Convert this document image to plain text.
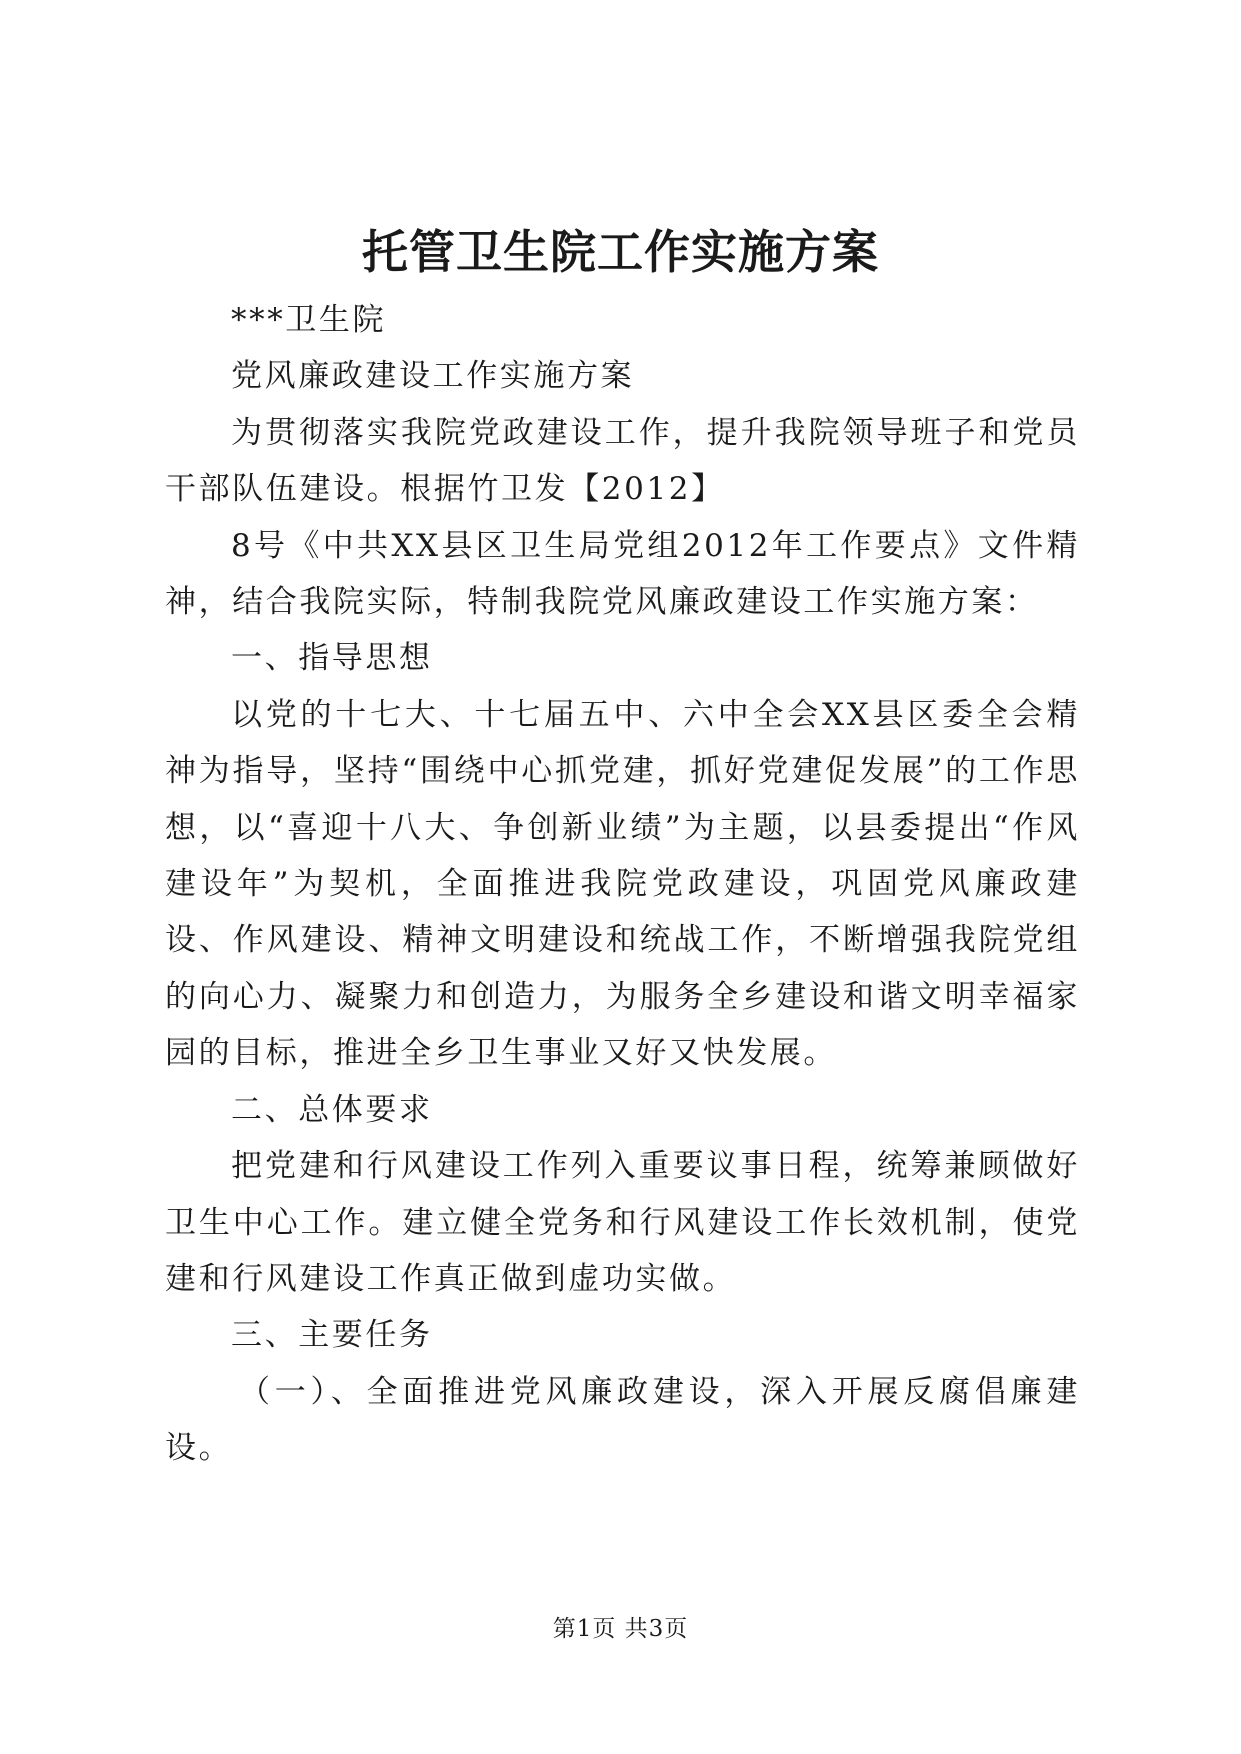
托管卫生院工作实施方案

***卫生院

党风廉政建设工作实施方案

为贯彻落实我院党政建设工作，提升我院领导班子和党员干部队伍建设。根据竹卫发【2012】

8号《中共XX县区卫生局党组2012年工作要点》文件精神，结合我院实际，特制我院党风廉政建设工作实施方案：

一、指导思想

以党的十七大、十七届五中、六中全会XX县区委全会精神为指导，坚持“围绕中心抓党建，抓好党建促发展”的工作思想，以“喜迎十八大、争创新业绩”为主题，以县委提出“作风建设年”为契机，全面推进我院党政建设，巩固党风廉政建设、作风建设、精神文明建设和统战工作，不断增强我院党组的向心力、凝聚力和创造力，为服务全乡建设和谐文明幸福家园的目标，推进全乡卫生事业又好又快发展。

二、总体要求

把党建和行风建设工作列入重要议事日程，统筹兼顾做好卫生中心工作。建立健全党务和行风建设工作长效机制，使党建和行风建设工作真正做到虚功实做。

三、主要任务

（一）、全面推进党风廉政建设，深入开展反腐倡廉建设。

第1页 共3页
